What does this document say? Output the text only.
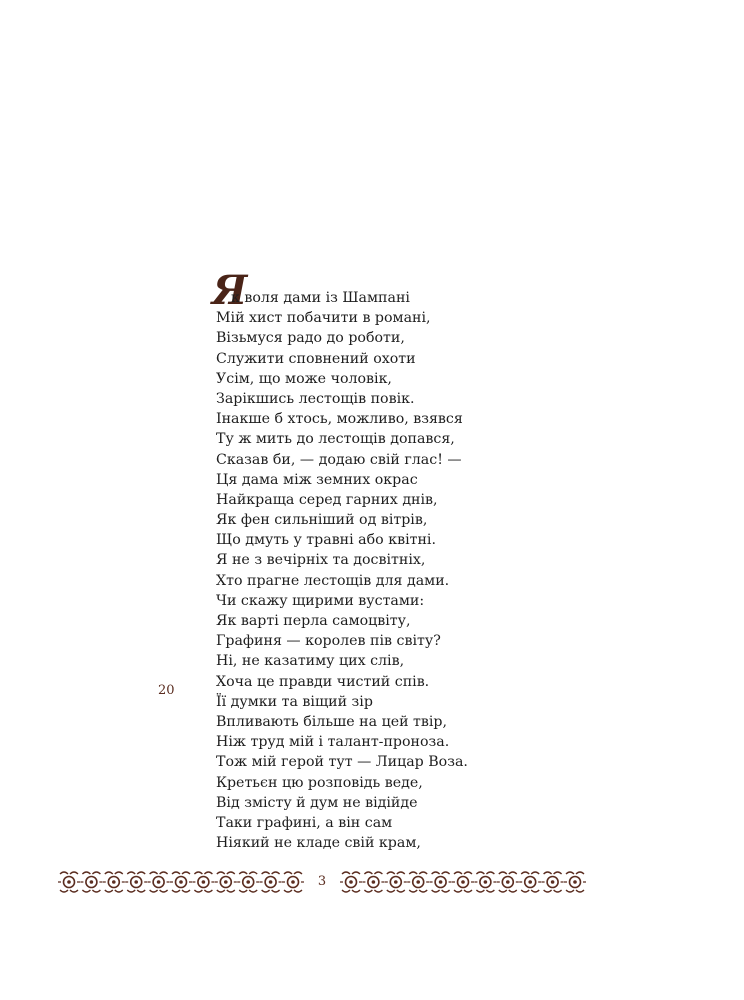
Я
к воля дами із Шампані
Мій хист побачити в романі,
Візьмуся радо до роботи,
Служити сповнений охоти
Усім, що може чоловік,
Зарікшись лестощів повік.
Інакше б хтось, можливо, взявся
Ту ж мить до лестощів допався,
Сказав би, — додаю свій глас! —
Ця дама між земних окрас
Найкраща серед гарних днів,
Як фен сильніший од вітрів,
Що дмуть у травні або квітні.
Я не з вечірніх та досвітніх,
Хто прагне лестощів для дами.
Чи скажу щирими вустами:
Як варті перла самоцвіту,
Графиня — королев пів світу?
Ні, не казатиму цих слів,
Хоча це правди чистий спів.
Її думки та віщий зір
Впливають більше на цей твір,
Ніж труд мій і талант-проноза.
Тож мій герой тут — Лицар Воза.
Кретьєн цю розповідь веде,
Від змісту й дум не відійде
Таки графині, а він сам
Ніякий не кладе свій крам,
20
3
